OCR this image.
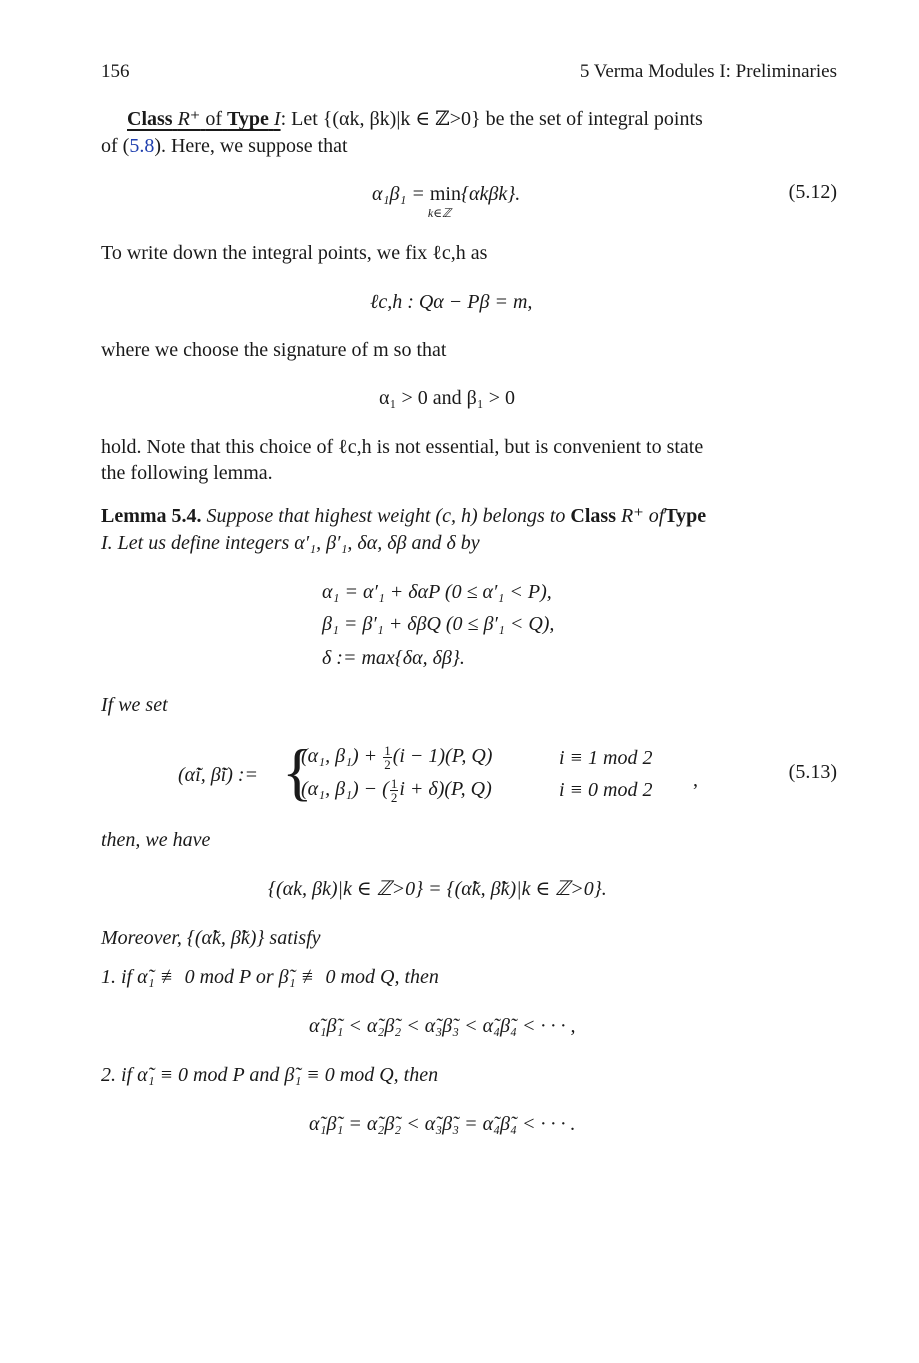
156	5 Verma Modules I: Preliminaries
Class R⁺ of Type I: Let {(αk, βk)|k ∈ ℤ>0} be the set of integral points
of (5.8). Here, we suppose that
α₁β₁ = min
k∈ℤ
{αkβk}.	(5.12)
To write down the integral points, we fix ℓc,h as
ℓc,h : Qα − Pβ = m,
where we choose the signature of m so that
α₁ > 0 and β₁ > 0
hold. Note that this choice of ℓc,h is not essential, but is convenient to state
the following lemma.
Lemma 5.4. Suppose that highest weight (c, h) belongs to Class R⁺ ofType
I. Let us define integers α′₁, β′₁, δα, δβ and δ by
α₁ = α′₁ + δαP (0 ≤ α′₁ < P),
β₁ = β′₁ + δβQ (0 ≤ β′₁ < Q),
δ := max{δα, δβ}.
If we set
(α̃i, β̃i) := {
(α₁, $\beta_1) + \frac{1}{2} (i - 1)(P$, Q)	i ≡ 1 mod 2
(α₁, β₁) − ( $\frac{1}{2}$ i + δ)(P, Q)	i ≡ 0 mod 2 ,	(5.13)
then, we have
{(αk, βk)|k ∈ ℤ>0} = {(α̃k, β̃k)|k ∈ ℤ>0}.
Moreover, {(α̃k, β̃k)} satisfy
1. if α̃₁ ≢ 0 mod P or β̃₁ ≢ 0 mod Q, then
α̃₁β̃₁ < α̃₂β̃₂ < α̃₃β̃₃ < α̃₄β̃₄ < · · · ,
2. if α̃₁ ≡ 0 mod P and β̃₁ ≡ 0 mod Q, then
α̃₁β̃₁ = α̃₂β̃₂ < α̃₃β̃₃ = α̃₄β̃₄ < · · · .
